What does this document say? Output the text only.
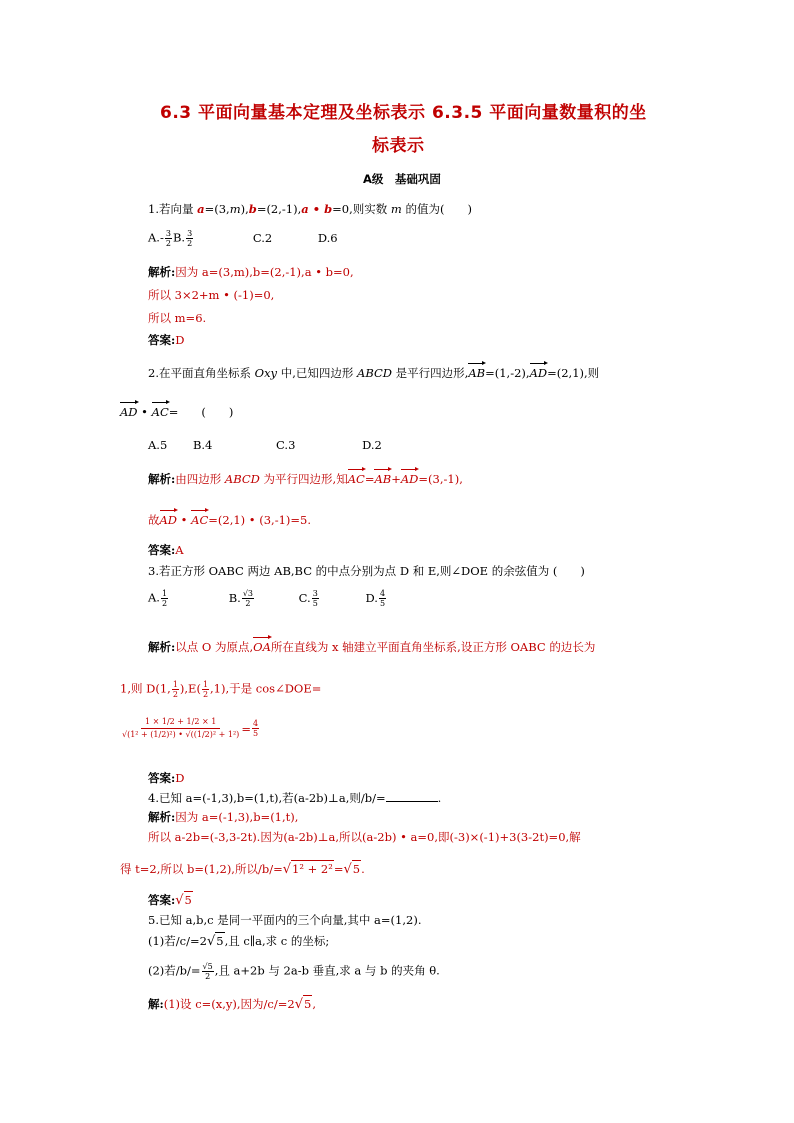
6.3 平面向量基本定理及坐标表示 6.3.5 平面向量数量积的坐
标表示
A级　基础巩固
1.若向量 a=(3,m),b=(2,-1),a • b=0,则实数 m 的值为(　　)
$A.- \frac{3}{2} B$. $\frac{3}{2}$	C.2	D.6
解析:因为 a=(3,m),b=(2,-1),a • b=0,
所以 3×2+m • (-1)=0,
所以 m=6.
答案:D
2.在平面直角坐标系 Oxy 中,已知四边形 ABCD 是平行四边形,AB=(1,-2),AD=(2,1),则
AD • AC=　　(　　)
A.5 B.4	C.3	D.2
解析:由四边形 ABCD 为平行四边形,知AC=AB+AD=(3,-1),
故AD • AC=(2,1) • (3,-1)=5.
答案:A
3.若正方形 OABC 两边 AB,BC 的中点分别为点 D 和 E,则∠DOE 的余弦值为 (　　)
A. $\frac{1}{2}$	B. $\frac{√3}{2}$	C. $\frac{3}{5}$	D. $\frac{4}{5}$
解析:以点 O 为原点,OA所在直线为 x 轴建立平面直角坐标系,设正方形 OABC 的边长为
1,则 D(1, $\frac{1}{2} ),E( \frac{1}{2} ,1)$,于是 cos∠DOE=
$\frac{1 \times 1/2 + 1/2 \times 1}{\text{√(1² + (1/2)²) • √((1/2)² + 1²)}} = \frac{4}{5}$
答案:D
4.已知 a=(-1,3),b=(1,t),若(a-2b)⊥a,则/b/=	.
解析:因为 a=(-1,3),b=(1,t),
所以 a-2b=(-3,3-2t).因为(a-2b)⊥a,所以(a-2b) • a=0,即(-3)×(-1)+3(3-2t)=0,解
得 t=2,所以 b=(1,2),所以/b/=√1² + 2²=√5.
答案:√5
5.已知 a,b,c 是同一平面内的三个向量,其中 a=(1,2).
(1)若/c/=2√5,且 c∥a,求 c 的坐标;
(2)若$/b/= \frac{√5}{2}$ ,且 a+2b 与 2a-b 垂直,求 a 与 b 的夹角 θ.
解:(1)设 c=(x,y),因为/c/=2√5,
